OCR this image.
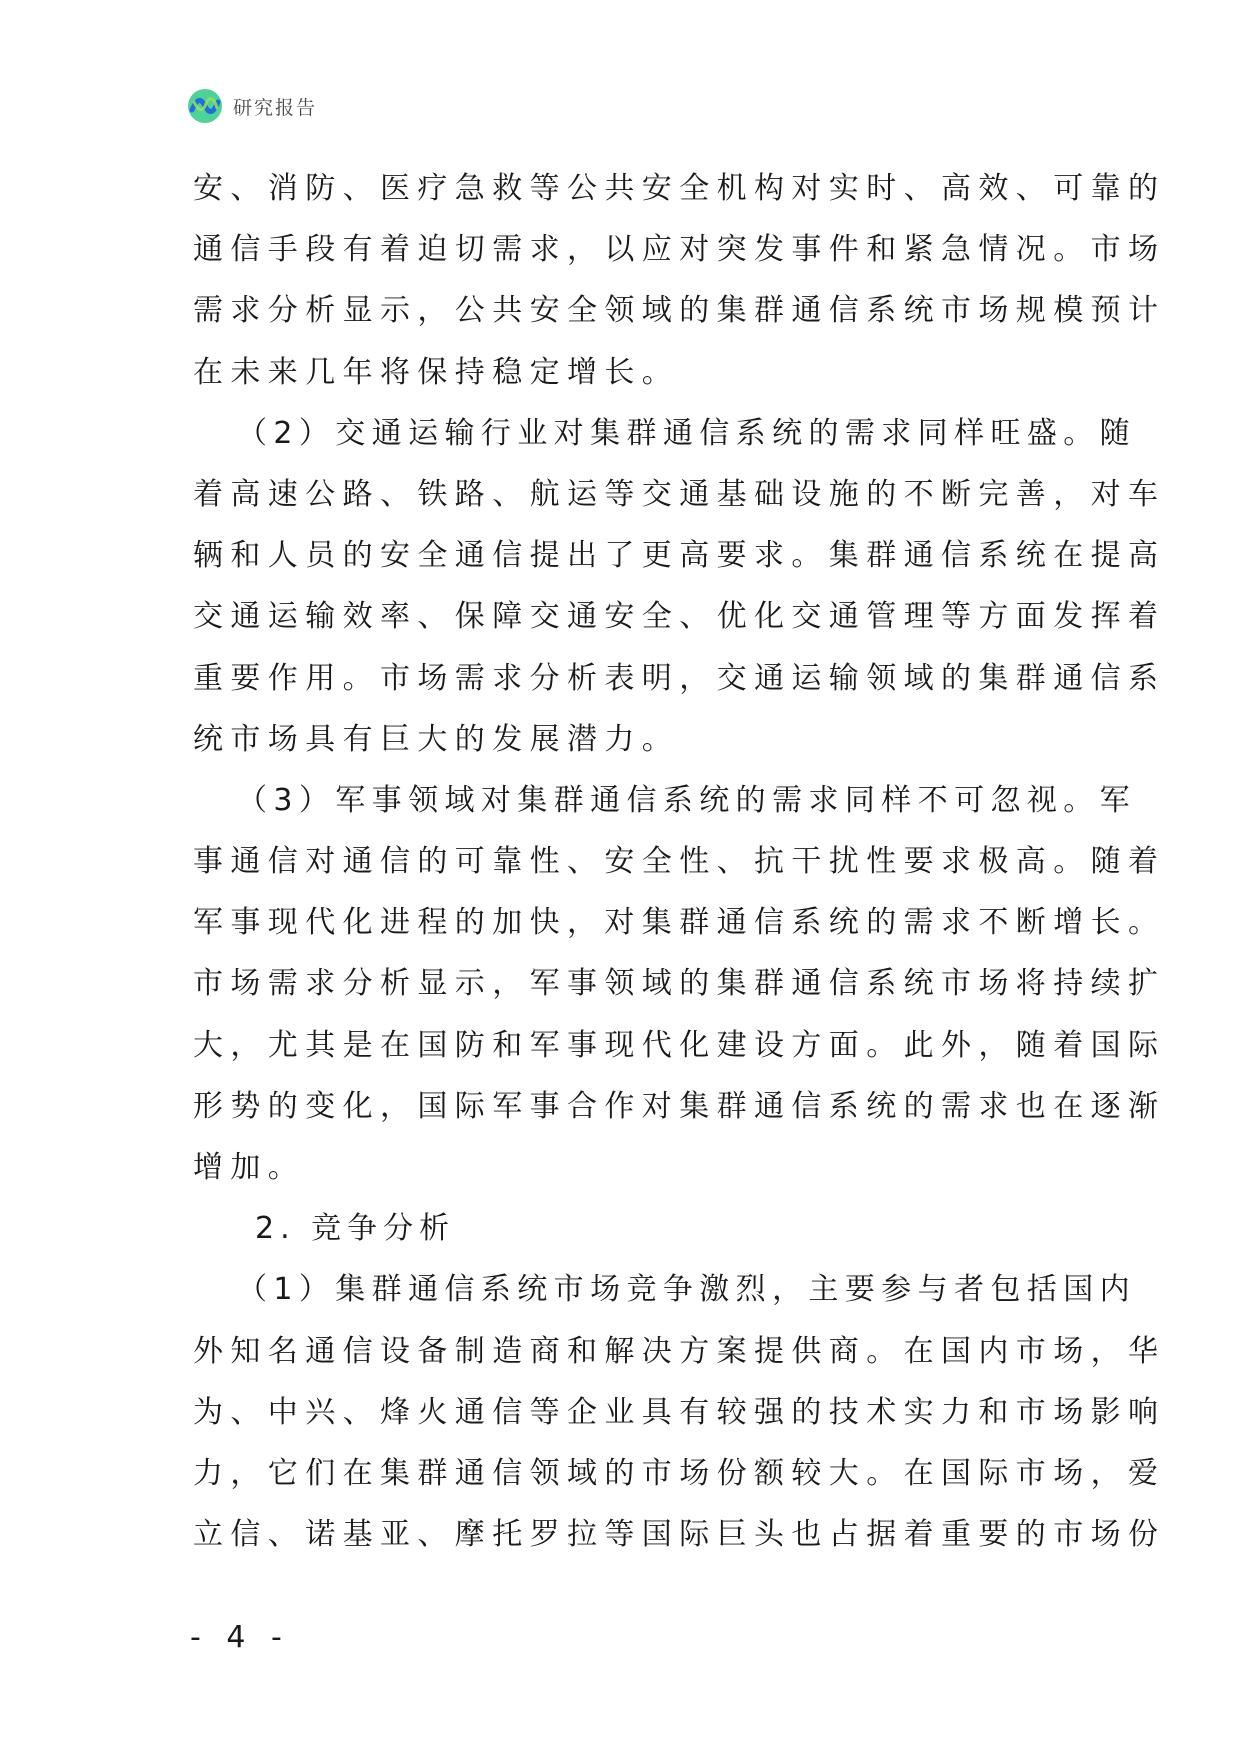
研究报告
安、消防、医疗急救等公共安全机构对实时、高效、可靠的
通信手段有着迫切需求，以应对突发事件和紧急情况。市场
需求分析显示，公共安全领域的集群通信系统市场规模预计
在未来几年将保持稳定增长。
（2）交通运输行业对集群通信系统的需求同样旺盛。随
着高速公路、铁路、航运等交通基础设施的不断完善，对车
辆和人员的安全通信提出了更高要求。集群通信系统在提高
交通运输效率、保障交通安全、优化交通管理等方面发挥着
重要作用。市场需求分析表明，交通运输领域的集群通信系
统市场具有巨大的发展潜力。
（3）军事领域对集群通信系统的需求同样不可忽视。军
事通信对通信的可靠性、安全性、抗干扰性要求极高。随着
军事现代化进程的加快，对集群通信系统的需求不断增长。
市场需求分析显示，军事领域的集群通信系统市场将持续扩
大，尤其是在国防和军事现代化建设方面。此外，随着国际
形势的变化，国际军事合作对集群通信系统的需求也在逐渐
增加。
2. 竞争分析
（1）集群通信系统市场竞争激烈，主要参与者包括国内
外知名通信设备制造商和解决方案提供商。在国内市场，华
为、中兴、烽火通信等企业具有较强的技术实力和市场影响
力，它们在集群通信领域的市场份额较大。在国际市场，爱
立信、诺基亚、摩托罗拉等国际巨头也占据着重要的市场份
- 4 -
